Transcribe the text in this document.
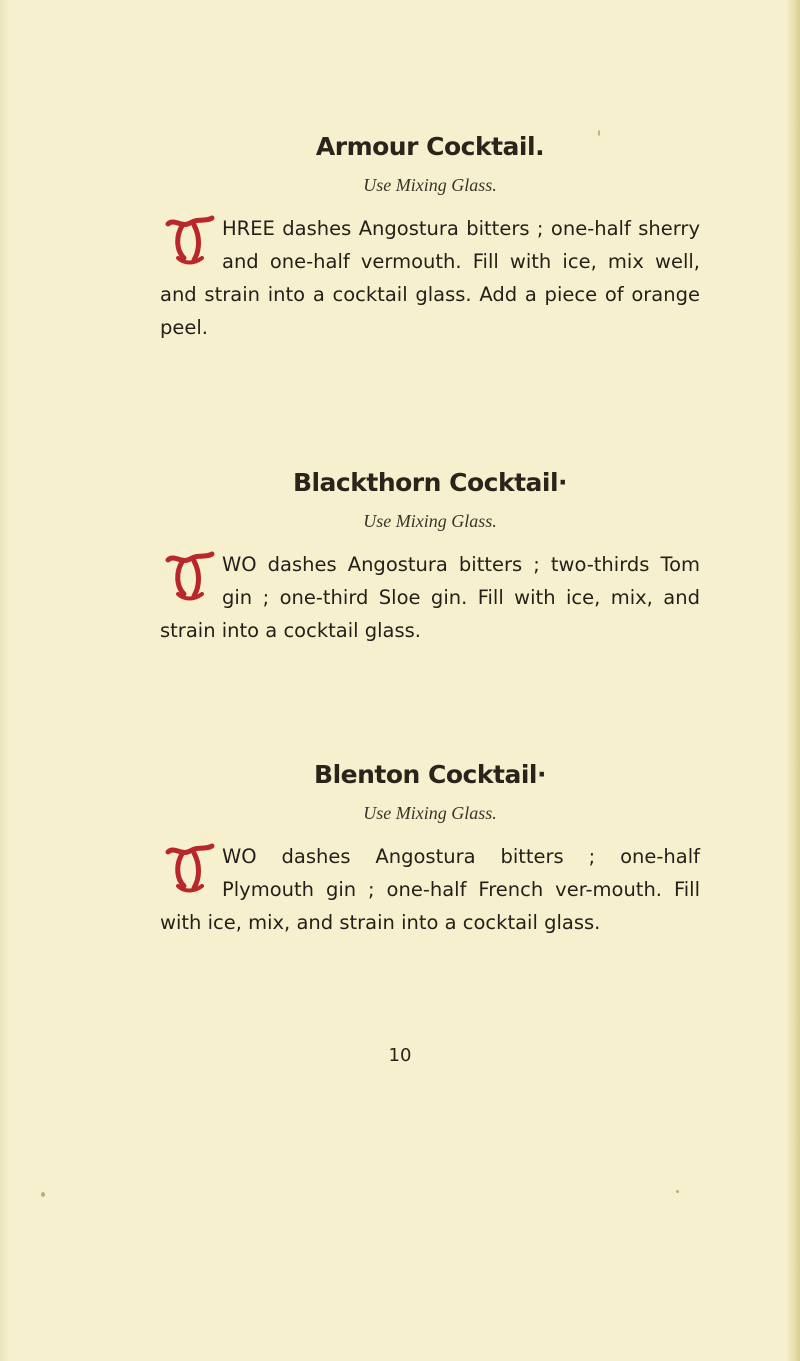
Armour Cocktail.
Use Mixing Glass.
HREE dashes Angostura bitters ; one-half sherry and one-half vermouth. Fill with ice, mix well, and strain into a cocktail glass. Add a piece of orange peel.
Blackthorn Cocktail·
Use Mixing Glass.
WO dashes Angostura bitters ; two-thirds Tom gin ; one-third Sloe gin. Fill with ice, mix, and strain into a cocktail glass.
Blenton Cocktail·
Use Mixing Glass.
WO dashes Angostura bitters ; one-half Plymouth gin ; one-half French ver-mouth. Fill with ice, mix, and strain into a cocktail glass.
10
